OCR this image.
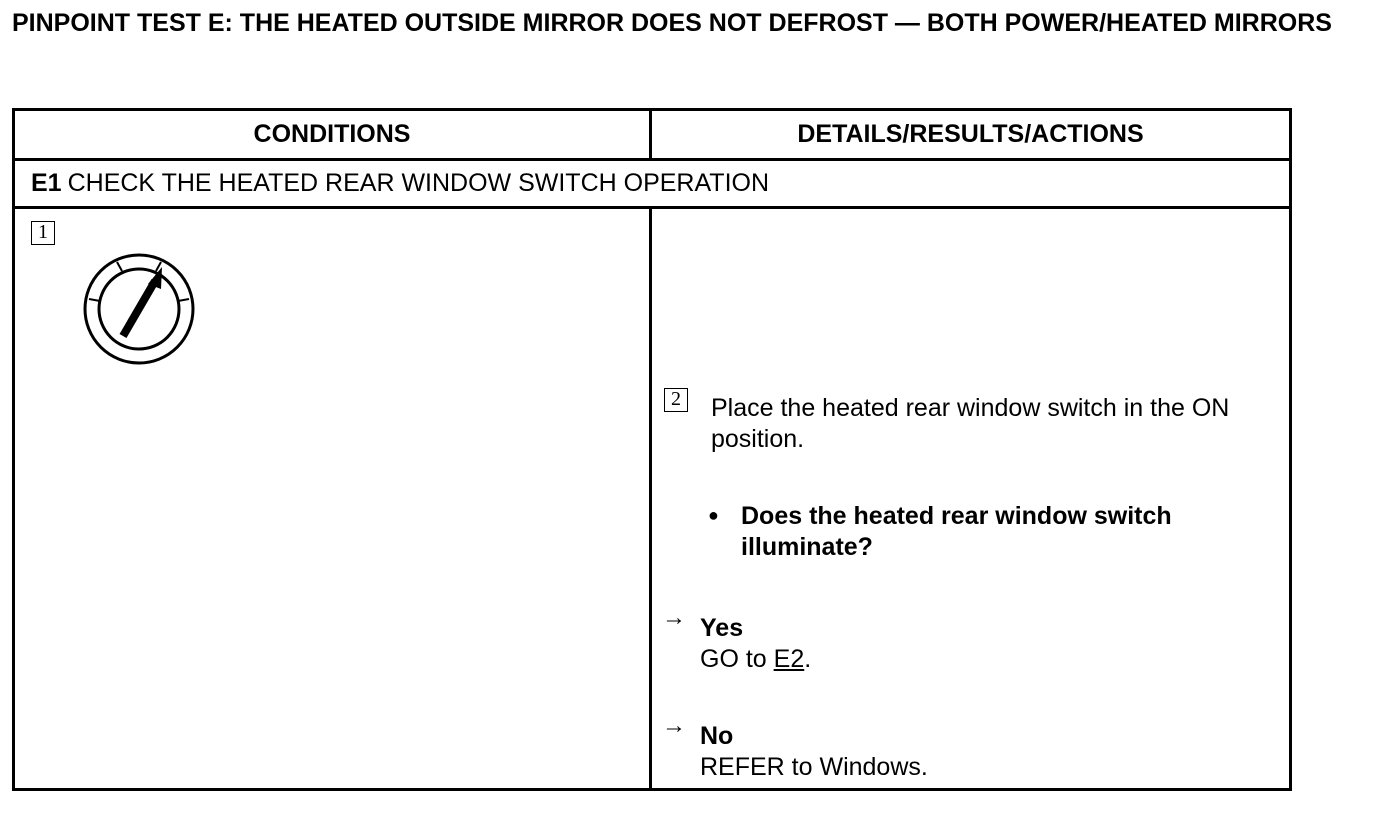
PINPOINT TEST E: THE HEATED OUTSIDE MIRROR DOES NOT DEFROST — BOTH POWER/HEATED MIRRORS
CONDITIONS	DETAILS/RESULTS/ACTIONS
E1 CHECK THE HEATED REAR WINDOW SWITCH OPERATION
1
2 Place the heated rear window switch in the ON position.
● Does the heated rear window switch illuminate?
→ Yes
GO to E2.
→ No
REFER to Windows.
